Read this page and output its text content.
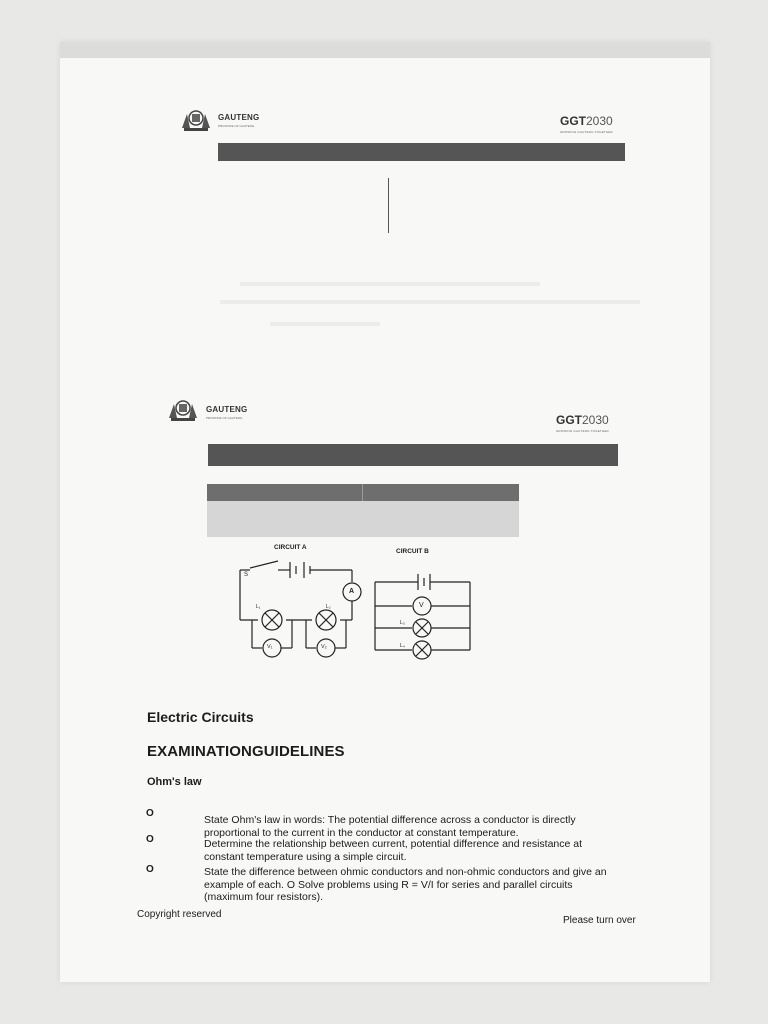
GAUTENG
PROVINCE OF GAUTENG	GGT2030
GROWING GAUTENG TOGETHER
GAUTENG
PROVINCE OF GAUTENG	GGT2030
GROWING GAUTENG TOGETHER
CIRCUIT A
CIRCUIT B
S
A
L₁	L₂
V₁	V₂
V
L₃
L₄
Electric Circuits
EXAMINATIONGUIDELINES
Ohm's law
O
State Ohm's law in words: The potential difference across a conductor is directly proportional to the current in the conductor at constant temperature.
O	Determine the relationship between current, potential difference and resistance at constant temperature using a simple circuit.
O	State the difference between ohmic conductors and non-ohmic conductors and give an example of each. O Solve problems using R = V/I for series and parallel circuits (maximum four resistors).
Copyright reserved
Please turn over
